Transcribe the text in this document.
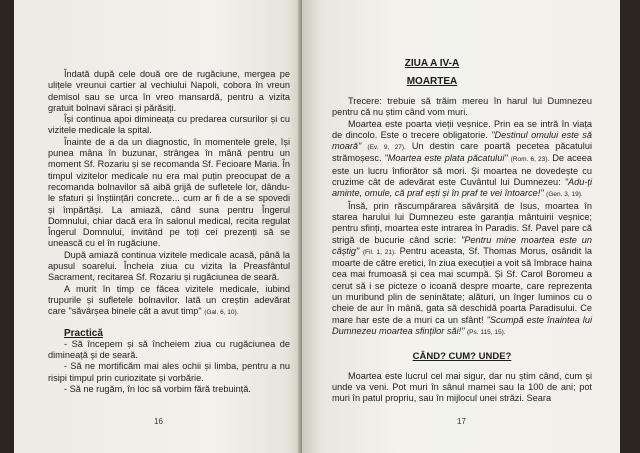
Îndată după cele două ore de rugăciune, mergea pe ulițele vreunui cartier al vechiului Napoli, cobora în vreun demisol sau se urca în vreo mansardă, pentru a vizita gratuit bolnavi săraci și părăsiți.

Își continua apoi dimineața cu predarea cursurilor și cu vizitele medicale la spital.

Înainte de a da un diagnostic, în momentele grele, își punea mâna în buzunar, strângea în mână pentru un moment Sf. Rozariu și se recomanda Sf. Fecioare Maria. În timpul vizitelor medicale nu era mai puțin preocupat de a recomanda bolnavilor să aibă grijă de sufletele lor, dându-le sfaturi și înștiințări concrete... cum ar fi de a se spovedi și împărtăși. La amiază, când suna pentru Îngerul Domnului, chiar dacă era în salonul medical, recita regulat Îngerul Domnului, invitând pe toți cei prezenți să se unească cu el în rugăciune.

După amiază continua vizitele medicale acasă, până la apusul soarelui. Încheia ziua cu vizita la Preasfântul Sacrament, recitarea Sf. Rozariu și rugăciunea de seară.

A murit în timp ce făcea vizitele medicale, iubind trupurile și sufletele bolnavilor. Iată un creștin adevărat care "săvârșea binele cât a avut timp" (Gal. 6, 10).

Practică

- Să începem și să încheiem ziua cu rugăciunea de dimineață și de seară.

- Să ne mortificăm mai ales ochii și limba, pentru a nu risipi timpul prin curiozitate și vorbărie.

- Să ne rugăm, în loc să vorbim fără trebuință.

16
ZIUA A IV-A
MOARTEA

Trecere: trebuie să trăim mereu în harul lui Dumnezeu pentru că nu știm când vom muri.

Moartea este poarta vieții veșnice. Prin ea se intră în viața de dincolo. Este o trecere obligatorie. "Destinul omului este să moară" (Ev. 9, 27). Un destin care poartă pecetea păcatului strămoșesc. "Moartea este plata păcatului" (Rom. 6, 23). De aceea este un lucru înfiorător să mori. Și moartea ne dovedește cu cruzime cât de adevărat este Cuvântul lui Dumnezeu: "Adu-ți aminte, omule, că praf ești și în praf te vei întoarce!" (Gen. 3, 19).

Însă, prin răscumpărarea săvârșită de Isus, moartea în starea harului lui Dumnezeu este garanția mântuirii veșnice; pentru sfinți, moartea este intrarea în Paradis. Sf. Pavel pare că strigă de bucurie când scrie: "Pentru mine moartea este un câștig" (Fil. 1, 21). Pentru aceasta, Sf. Thomas Morus, osândit la moarte de către eretici, în ziua execuției a voit să îmbrace haina cea mai frumoasă și cea mai scumpă. Și Sf. Carol Boromeu a cerut să i se picteze o icoană despre moarte, care reprezenta un muribund plin de seninătate; alături, un înger luminos cu o cheie de aur în mână, gata să deschidă poarta Paradisului. Ce mare har este de a muri ca un sfânt! "Scumpă este înaintea lui Dumnezeu moartea sfinților săi!" (Ps. 115, 15).

CÂND? CUM? UNDE?

Moartea este lucrul cel mai sigur, dar nu știm când, cum și unde va veni. Pot muri în sânul mamei sau la 100 de ani; pot muri în patul propriu, sau în mijlocul unei străzi. Seara

17
